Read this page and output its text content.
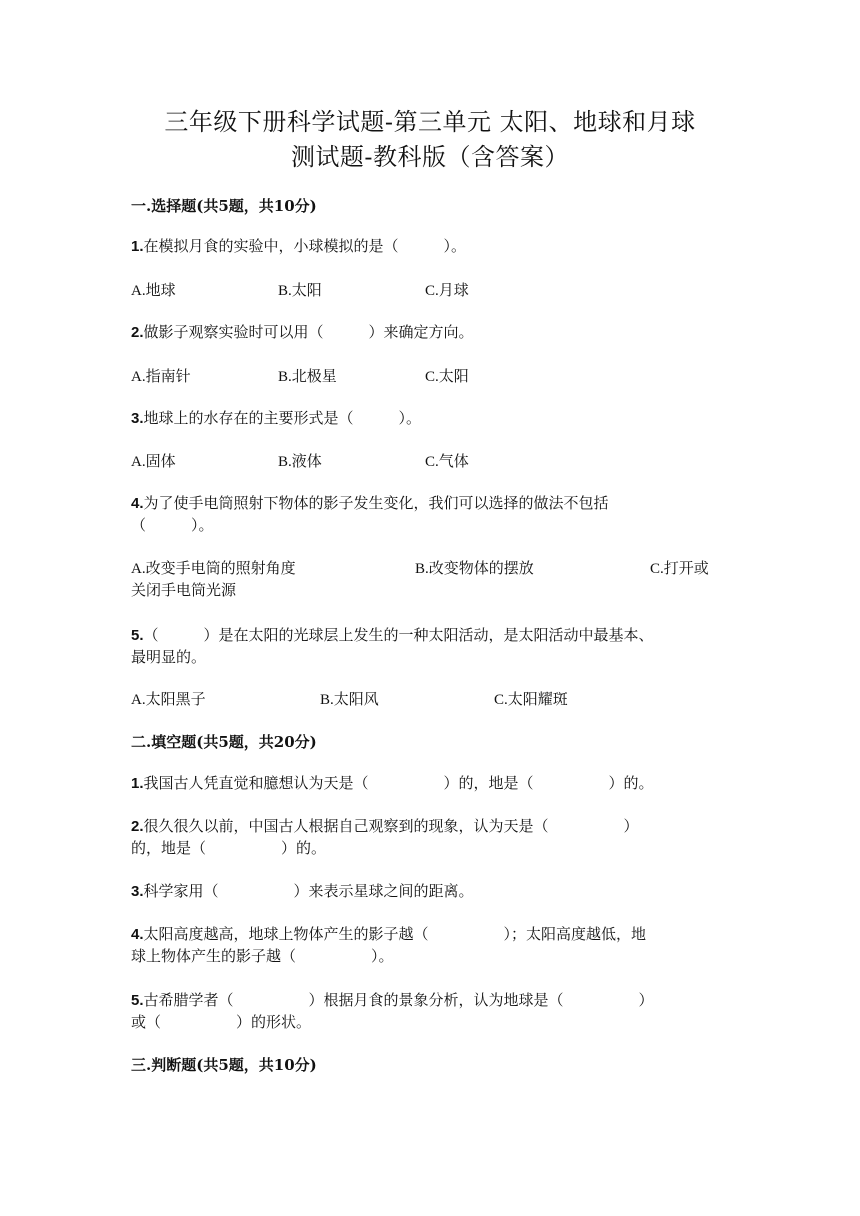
三年级下册科学试题-第三单元 太阳、地球和月球
测试题-教科版（含答案）
一.选择题(共5题，共10分)
1.在模拟月食的实验中，小球模拟的是（　　　）。
A.地球	B.太阳	C.月球
2.做影子观察实验时可以用（　　　）来确定方向。
A.指南针	B.北极星	C.太阳
3.地球上的水存在的主要形式是（　　　）。
A.固体	B.液体	C.气体
4.为了使手电筒照射下物体的影子发生变化，我们可以选择的做法不包括
（　　　）。
A.改变手电筒的照射角度	B.改变物体的摆放	C.打开或
关闭手电筒光源
5.（　　　）是在太阳的光球层上发生的一种太阳活动，是太阳活动中最基本、
最明显的。
A.太阳黑子	B.太阳风	C.太阳耀斑
二.填空题(共5题，共20分)
1.我国古人凭直觉和臆想认为天是（　　　　　）的，地是（　　　　　）的。
2.很久很久以前，中国古人根据自己观察到的现象，认为天是（　　　　　）
的，地是（　　　　　）的。
3.科学家用（　　　　　）来表示星球之间的距离。
4.太阳高度越高，地球上物体产生的影子越（　　　　　）；太阳高度越低，地
球上物体产生的影子越（　　　　　）。
5.古希腊学者（　　　　　）根据月食的景象分析，认为地球是（　　　　　）
或（　　　　　）的形状。
三.判断题(共5题，共10分)
